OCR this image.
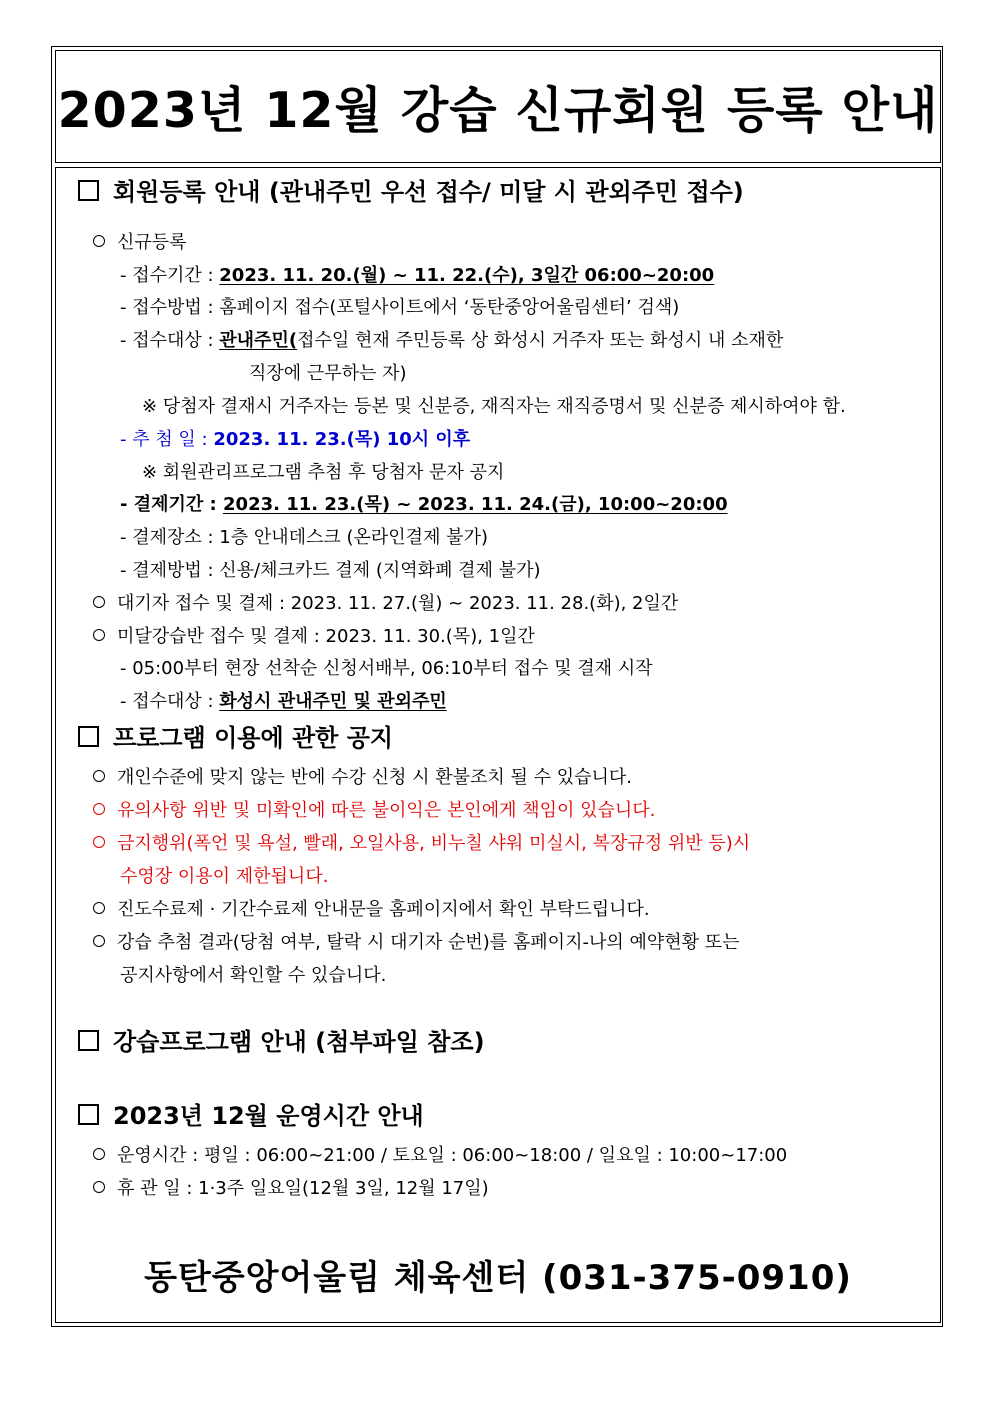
2023년 12월 강습 신규회원 등록 안내
회원등록 안내 (관내주민 우선 접수/ 미달 시 관외주민 접수)
신규등록
- 접수기간 : 2023. 11. 20.(월) ~ 11. 22.(수), 3일간 06:00~20:00
- 접수방법 : 홈페이지 접수(포털사이트에서 ‘동탄중앙어울림센터’ 검색)
- 접수대상 : 관내주민(접수일 현재 주민등록 상 화성시 거주자 또는 화성시 내 소재한
직장에 근무하는 자)
※ 당첨자 결재시 거주자는 등본 및 신분증, 재직자는 재직증명서 및 신분증 제시하여야 함.
- 추 첨 일 : 2023. 11. 23.(목) 10시 이후
※ 회원관리프로그램 추첨 후 당첨자 문자 공지
- 결제기간 : 2023. 11. 23.(목) ~ 2023. 11. 24.(금), 10:00~20:00
- 결제장소 : 1층 안내데스크 (온라인결제 불가)
- 결제방법 : 신용/체크카드 결제 (지역화폐 결제 불가)
대기자 접수 및 결제 : 2023. 11. 27.(월) ~ 2023. 11. 28.(화), 2일간
미달강습반 접수 및 결제 : 2023. 11. 30.(목), 1일간
- 05:00부터 현장 선착순 신청서배부, 06:10부터 접수 및 결재 시작
- 접수대상 : 화성시 관내주민 및 관외주민
프로그램 이용에 관한 공지
개인수준에 맞지 않는 반에 수강 신청 시 환불조치 될 수 있습니다.
유의사항 위반 및 미확인에 따른 불이익은 본인에게 책임이 있습니다.
금지행위(폭언 및 욕설, 빨래, 오일사용, 비누칠 샤워 미실시, 복장규정 위반 등)시
수영장 이용이 제한됩니다.
진도수료제 · 기간수료제 안내문을 홈페이지에서 확인 부탁드립니다.
강습 추첨 결과(당첨 여부, 탈락 시 대기자 순번)를 홈페이지-나의 예약현황 또는
공지사항에서 확인할 수 있습니다.
강습프로그램 안내 (첨부파일 참조)
2023년 12월 운영시간 안내
운영시간 : 평일 : 06:00~21:00 / 토요일 : 06:00~18:00 / 일요일 : 10:00~17:00
휴 관 일 : 1·3주 일요일(12월 3일, 12월 17일)
동탄중앙어울림 체육센터 (031-375-0910)
